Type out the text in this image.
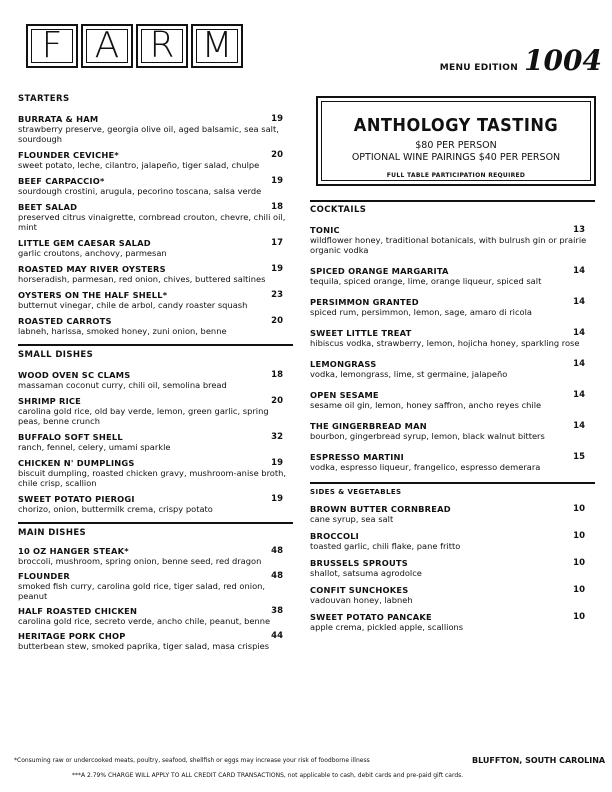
F A R M
MENU EDITION 1004
ANTHOLOGY TASTING
$80 PER PERSON
OPTIONAL WINE PAIRINGS $40 PER PERSON
FULL TABLE PARTICIPATION REQUIRED
STARTERS
BURRATA & HAM
strawberry preserve, georgia olive oil, aged balsamic, sea salt, sourdough
19
FLOUNDER CEVICHE*
sweet potato, leche, cilantro, jalapeño, tiger salad, chulpe
20
BEEF CARPACCIO*
sourdough crostini, arugula, pecorino toscana, salsa verde
19
BEET SALAD
preserved citrus vinaigrette, cornbread crouton, chevre, chili oil, mint
18
LITTLE GEM CAESAR SALAD
garlic croutons, anchovy, parmesan
17
ROASTED MAY RIVER OYSTERS
horseradish, parmesan, red onion, chives, buttered saltines
19
OYSTERS ON THE HALF SHELL*
butternut vinegar, chile de arbol, candy roaster squash
23
ROASTED CARROTS
labneh, harissa, smoked honey, zuni onion, benne
20
SMALL DISHES
WOOD OVEN SC CLAMS
massaman coconut curry, chili oil, semolina bread
18
SHRIMP RICE
carolina gold rice, old bay verde, lemon, green garlic, spring peas, benne crunch
20
BUFFALO SOFT SHELL
ranch, fennel, celery, umami sparkle
32
CHICKEN N' DUMPLINGS
biscuit dumpling, roasted chicken gravy, mushroom-anise broth, chile crisp, scallion
19
SWEET POTATO PIEROGI
chorizo, onion, buttermilk crema, crispy potato
19
MAIN DISHES
10 OZ HANGER STEAK*
broccoli, mushroom, spring onion, benne seed, red dragon
48
FLOUNDER
smoked fish curry, carolina gold rice, tiger salad, red onion, peanut
48
HALF ROASTED CHICKEN
carolina gold rice, secreto verde, ancho chile, peanut, benne
38
HERITAGE PORK CHOP
butterbean stew, smoked paprika, tiger salad, masa crispies
44
COCKTAILS
TONIC
wildflower honey, traditional botanicals, with bulrush gin or prairie organic vodka
13
SPICED ORANGE MARGARITA
tequila, spiced orange, lime, orange liqueur, spiced salt
14
PERSIMMON GRANTED
spiced rum, persimmon, lemon, sage, amaro di ricola
14
SWEET LITTLE TREAT
hibiscus vodka, strawberry, lemon, hojicha honey, sparkling rose
14
LEMONGRASS
vodka, lemongrass, lime, st germaine, jalapeño
14
OPEN SESAME
sesame oil gin, lemon, honey saffron, ancho reyes chile
14
THE GINGERBREAD MAN
bourbon, gingerbread syrup, lemon, black walnut bitters
14
ESPRESSO MARTINI
vodka, espresso liqueur, frangelico, espresso demerara
15
SIDES & VEGETABLES
BROWN BUTTER CORNBREAD
cane syrup, sea salt
10
BROCCOLI
toasted garlic, chili flake, pane fritto
10
BRUSSELS SPROUTS
shallot, satsuma agrodolce
10
CONFIT SUNCHOKES
vadouvan honey, labneh
10
SWEET POTATO PANCAKE
apple crema, pickled apple, scallions
10
*Consuming raw or undercooked meats, poultry, seafood, shellfish or eggs may increase your risk of foodborne illness	BLUFFTON, SOUTH CAROLINA
***A 2.79% CHARGE WILL APPLY TO ALL CREDIT CARD TRANSACTIONS, not applicable to cash, debit cards and pre-paid gift cards.
